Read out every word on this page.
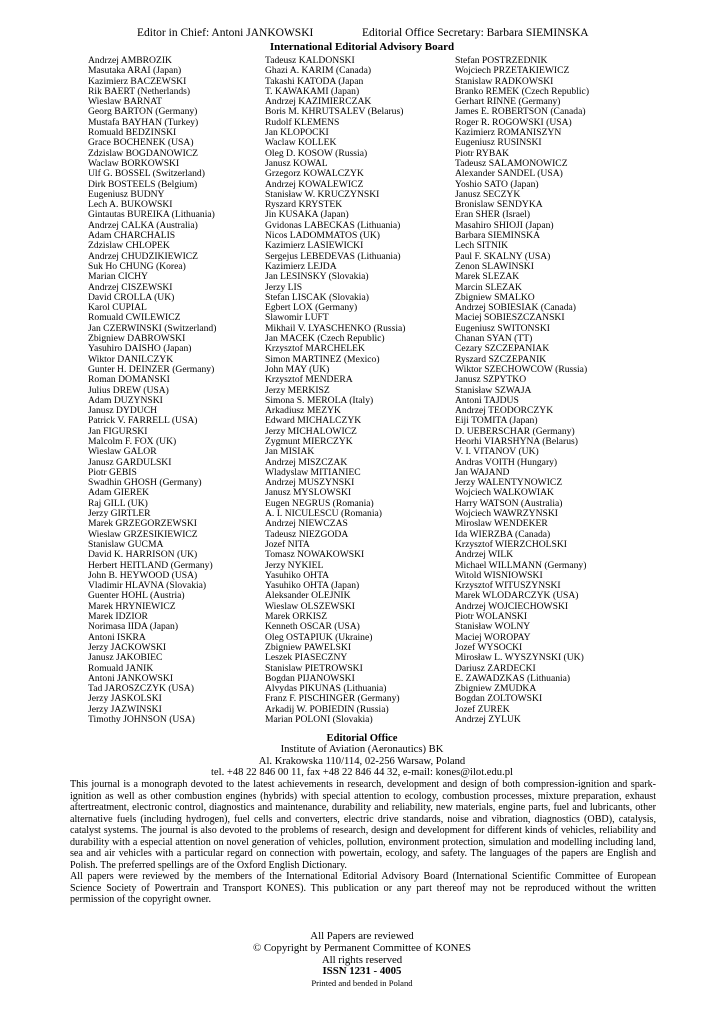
Editor in Chief: Antoni JANKOWSKI	Editorial Office Secretary: Barbara SIEMINSKA
International Editorial Advisory Board
Andrzej AMBROZIK
Masutaka ARAI (Japan)
Kazimierz BACZEWSKI
Rik BAERT (Netherlands)
Wieslaw BARNAT
Georg BARTON (Germany)
Mustafa BAYHAN (Turkey)
Romuald BEDZINSKI
Grace BOCHENEK (USA)
Zdzislaw BOGDANOWICZ
Waclaw BORKOWSKI
Ulf G. BOSSEL (Switzerland)
Dirk BOSTEELS (Belgium)
Eugeniusz BUDNY
Lech A. BUKOWSKI
Gintautas BUREIKA (Lithuania)
Andrzej CALKA (Australia)
Adam CHARCHALIS
Zdzislaw CHLOPEK
Andrzej CHUDZIKIEWICZ
Suk Ho CHUNG (Korea)
Marian CICHY
Andrzej CISZEWSKI
David CROLLA (UK)
Karol CUPIAL
Romuald CWILEWICZ
Jan CZERWINSKI (Switzerland)
Zbigniew DABROWSKI
Yasuhiro DAISHO (Japan)
Wiktor DANILCZYK
Gunter H. DEINZER (Germany)
Roman DOMANSKI
Julius DREW (USA)
Adam DUZYNSKI
Janusz DYDUCH
Patrick V. FARRELL (USA)
Jan FIGURSKI
Malcolm F. FOX (UK)
Wieslaw GALOR
Janusz GARDULSKI
Piotr GEBIS
Swadhin GHOSH (Germany)
Adam GIEREK
Raj GILL (UK)
Jerzy GIRTLER
Marek GRZEGORZEWSKI
Wieslaw GRZESIKIEWICZ
Stanislaw GUCMA
David K. HARRISON (UK)
Herbert HEITLAND (Germany)
John B. HEYWOOD (USA)
Vladimir HLAVNA (Slovakia)
Guenter HOHL (Austria)
Marek HRYNIEWICZ
Marek IDZIOR
Norimasa IIDA (Japan)
Antoni ISKRA
Jerzy JACKOWSKI
Janusz JAKOBIEC
Romuald JANIK
Antoni JANKOWSKI
Tad JAROSZCZYK (USA)
Jerzy JASKOLSKI
Jerzy JAZWINSKI
Timothy JOHNSON (USA)
Tadeusz KALDONSKI
Ghazi A. KARIM (Canada)
Takashi KATODA (Japan
T. KAWAKAMI (Japan)
Andrzej KAZIMIERCZAK
Boris M. KHRUTSALEV (Belarus)
Rudolf KLEMENS
Jan KLOPOCKI
Waclaw KOLLEK
Oleg D. KOSOW (Russia)
Janusz KOWAL
Grzegorz KOWALCZYK
Andrzej KOWALEWICZ
Stanisław W. KRUCZYNSKI
Ryszard KRYSTEK
Jin KUSAKA (Japan)
Gvidonas LABECKAS (Lithuania)
Nicos LADOMMATOS (UK)
Kazimierz LASIEWICKI
Sergejus LEBEDEVAS (Lithuania)
Kazimierz LEJDA
Jan LESINSKY (Slovakia)
Jerzy LIS
Stefan LISCAK (Slovakia)
Egbert LOX (Germany)
Slawomir LUFT
Mikhail V. LYASCHENKO (Russia)
Jan MACEK (Czech Republic)
Krzysztof MARCHELEK
Simon MARTINEZ (Mexico)
John MAY (UK)
Krzysztof MENDERA
Jerzy MERKISZ
Simona S. MEROLA (Italy)
Arkadiusz MEZYK
Edward MICHALCZYK
Jerzy MICHALOWICZ
Zygmunt MIERCZYK
Jan MISIAK
Andrzej MISZCZAK
Wladyslaw MITIANIEC
Andrzej MUSZYNSKI
Janusz MYSLOWSKI
Eugen NEGRUS (Romania)
A. I. NICULESCU (Romania)
Andrzej NIEWCZAS
Tadeusz NIEZGODA
Jozef NITA
Tomasz NOWAKOWSKI
Jerzy NYKIEL
Yasuhiko OHTA
Yasuhiko OHTA (Japan)
Aleksander OLEJNIK
Wieslaw OLSZEWSKI
Marek ORKISZ
Kenneth OSCAR (USA)
Oleg OSTAPIUK (Ukraine)
Zbigniew PAWELSKI
Leszek PIASECZNY
Stanislaw PIETROWSKI
Bogdan PIJANOWSKI
Alvydas PIKUNAS (Lithuania)
Franz F. PISCHINGER (Germany)
Arkadij W. POBIEDIN (Russia)
Marian POLONI (Slovakia)
Stefan POSTRZEDNIK
Wojciech PRZETAKIEWICZ
Stanislaw RADKOWSKI
Branko REMEK (Czech Republic)
Gerhart RINNE (Germany)
James E. ROBERTSON (Canada)
Roger R. ROGOWSKI (USA)
Kazimierz ROMANISZYN
Eugeniusz RUSINSKI
Piotr RYBAK
Tadeusz SALAMONOWICZ
Alexander SANDEL (USA)
Yoshio SATO (Japan)
Janusz SECZYK
Bronislaw SENDYKA
Eran SHER (Israel)
Masahiro SHIOJI (Japan)
Barbara SIEMINSKA
Lech SITNIK
Paul F. SKALNY (USA)
Zenon SLAWINSKI
Marek SLEZAK
Marcin SLEZAK
Zbigniew SMALKO
Andrzej SOBIESIAK (Canada)
Maciej SOBIESZCZANSKI
Eugeniusz SWITONSKI
Chanan SYAN (TT)
Cezary SZCZEPANIAK
Ryszard SZCZEPANIK
Wiktor SZECHOWCOW (Russia)
Janusz SZPYTKO
Stanisław SZWAJA
Antoni TAJDUS
Andrzej TEODORCZYK
Eiji TOMITA (Japan)
D. UEBERSCHAR (Germany)
Heorhi VIARSHYNA (Belarus)
V. I. VITANOV (UK)
Andras VOITH (Hungary)
Jan WAJAND
Jerzy WALENTYNOWICZ
Wojciech WALKOWIAK
Harry WATSON (Australia)
Wojciech WAWRZYNSKI
Miroslaw WENDEKER
Ida WIERZBA (Canada)
Krzysztof WIERZCHOLSKI
Andrzej WILK
Michael WILLMANN (Germany)
Witold WISNIOWSKI
Krzysztof WITUSZYNSKI
Marek WLODARCZYK (USA)
Andrzej WOJCIECHOWSKI
Piotr WOLANSKI
Stanisław WOLNY
Maciej WOROPAY
Jozef WYSOCKI
Mirosław L. WYSZYNSKI (UK)
Dariusz ZARDECKI
E. ZAWADZKAS (Lithuania)
Zbigniew ZMUDKA
Bogdan ZOLTOWSKI
Jozef ZUREK
Andrzej ZYLUK
Editorial Office
Institute of Aviation (Aeronautics) BK
Al. Krakowska 110/114, 02-256 Warsaw, Poland
tel. +48 22 846 00 11, fax +48 22 846 44 32, e-mail: kones@ilot.edu.pl

This journal is a monograph devoted to the latest achievements in research, development and design of both compression-ignition and spark-ignition as well as other combustion engines (hybrids) with special attention to ecology, combustion processes, mixture preparation, exhaust aftertreatment, electronic control, diagnostics and maintenance, durability and reliability, new materials, engine parts, fuel and lubricants, other alternative fuels (including hydrogen), fuel cells and converters, electric drive standards, noise and vibration, diagnostics (OBD), catalysis, catalyst systems. The journal is also devoted to the problems of research, design and development for different kinds of vehicles, reliability and durability with a especial attention on novel generation of vehicles, pollution, environment protection, simulation and modelling including land, sea and air vehicles with a particular regard on connection with powertain, ecology, and safety. The languages of the papers are English and Polish. The preferred spellings are of the Oxford English Dictionary.

All papers were reviewed by the members of the International Editorial Advisory Board (International Scientific Committee of European Science Society of Powertrain and Transport KONES). This publication or any part thereof may not be reproduced without the written permission of the copyright owner.

All Papers are reviewed
© Copyright by Permanent Committee of KONES
All rights reserved
ISSN 1231 - 4005
Printed and bended in Poland
